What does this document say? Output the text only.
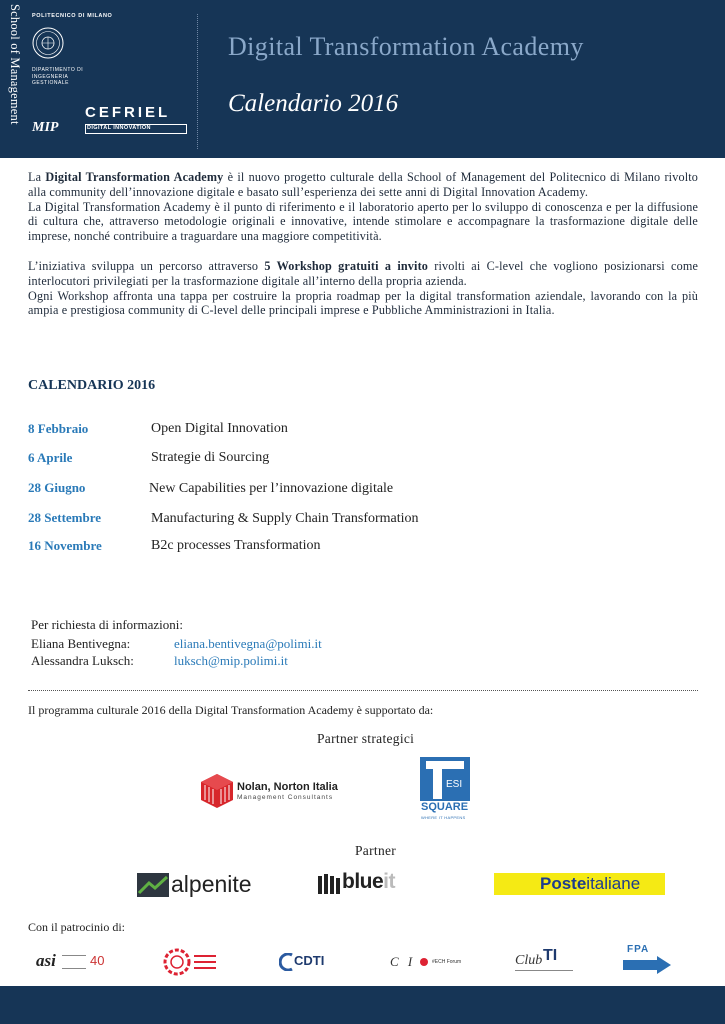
School of Management POLITECNICO DI MILANO
DIPARTIMENTO DI INGEGNERIA GESTIONALE
MIP
CEFRIEL
DIGITAL INNOVATION
Digital Transformation Academy
Calendario 2016

La Digital Transformation Academy è il nuovo progetto culturale della School of Management del Politecnico di Milano rivolto alla community dell’innovazione digitale e basato sull’esperienza dei sette anni di Digital Innovation Academy.

La Digital Transformation Academy è il punto di riferimento e il laboratorio aperto per lo sviluppo di conoscenza e per la diffusione di cultura che, attraverso metodologie originali e innovative, intende stimolare e accompagnare la trasformazione digitale delle imprese, nonché contribuire a traguardare una maggiore competitività.

L’iniziativa sviluppa un percorso attraverso 5 Workshop gratuiti a invito rivolti ai C-level che vogliono posizionarsi come interlocutori privilegiati per la trasformazione digitale all’interno della propria azienda.

Ogni Workshop affronta una tappa per costruire la propria roadmap per la digital transformation aziendale, lavorando con la più ampia e prestigiosa community di C-level delle principali imprese e Pubbliche Amministrazioni in Italia.

CALENDARIO 2016
8 Febbraio	Open Digital Innovation
6 Aprile	Strategie di Sourcing
28 Giugno	New Capabilities per l’innovazione digitale
28 Settembre	Manufacturing & Supply Chain Transformation
16 Novembre	B2c processes Transformation
Per richiesta di informazioni:
Eliana Bentivegna:	eliana.bentivegna@polimi.it
Alessandra Luksch:	luksch@mip.polimi.it
Il programma culturale 2016 della Digital Transformation Academy è supportato da:
Partner strategici
Nolan, Norton Italia
Management Consultants
ESI
SQUARE
WHERE IT HAPPENS
Partner
alpenite	blueit	Posteitaliane
Con il patrocinio di:
asi	40	CDTI	C I	#ECH Forum	Club TI	FPA
